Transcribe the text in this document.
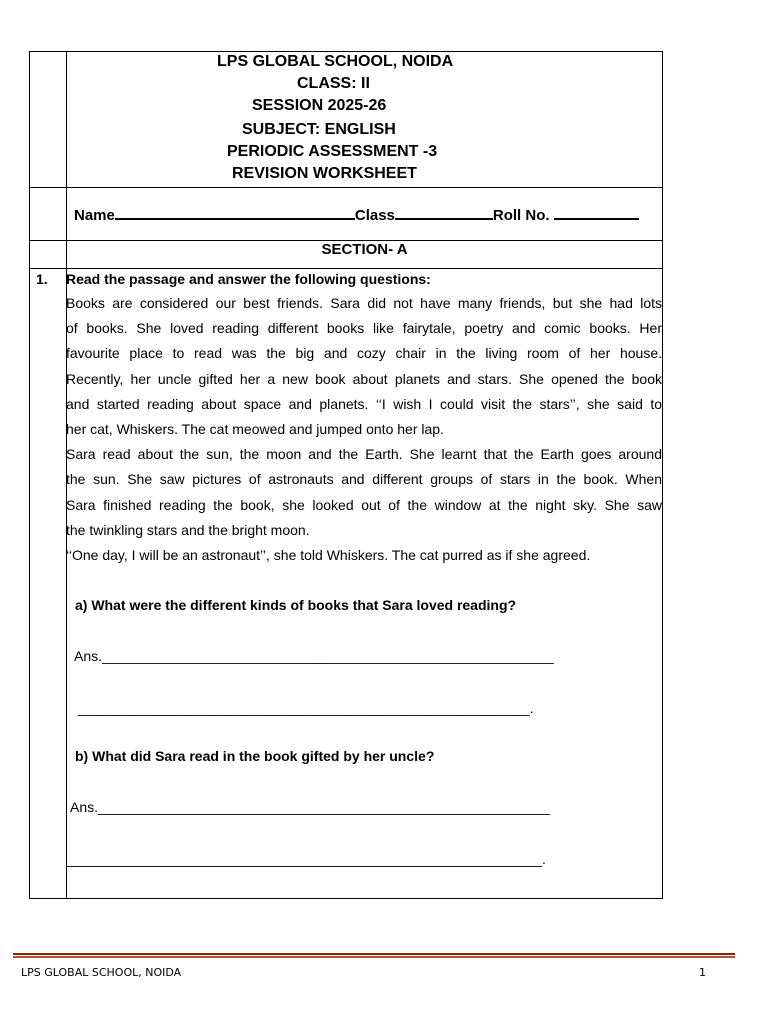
LPS GLOBAL SCHOOL, NOIDA
CLASS: II
SESSION 2025-26
SUBJECT: ENGLISH
PERIODIC ASSESSMENT -3
REVISION WORKSHEET
Name	Class	Roll No.
SECTION- A
1. Read the passage and answer the following questions:
Books are considered our best friends. Sara did not have many friends, but she had lots
of books. She loved reading different books like fairytale, poetry and comic books. Her
favourite place to read was the big and cozy chair in the living room of her house.
Recently, her uncle gifted her a new book about planets and stars. She opened the book
and started reading about space and planets. ‘‘I wish I could visit the stars’’, she said to
her cat, Whiskers. The cat meowed and jumped onto her lap.
Sara read about the sun, the moon and the Earth. She learnt that the Earth goes around
the sun. She saw pictures of astronauts and different groups of stars in the book. When
Sara finished reading the book, she looked out of the window at the night sky. She saw
the twinkling stars and the bright moon.
‘‘One day, I will be an astronaut’’, she told Whiskers. The cat purred as if she agreed.
a) What were the different kinds of books that Sara loved reading?
Ans.__________________________________________________________
__________________________________________________________.
b) What did Sara read in the book gifted by her uncle?
Ans.__________________________________________________________
_____________________________________________________________.
LPS GLOBAL SCHOOL, NOIDA	1
